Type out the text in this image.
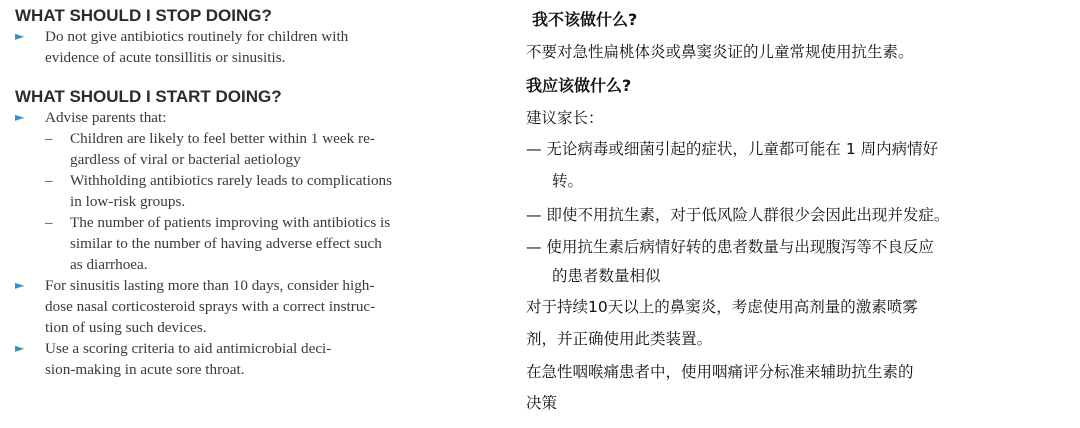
WHAT SHOULD I STOP DOING?
► Do not give antibiotics routinely for children with
evidence of acute tonsillitis or sinusitis.
WHAT SHOULD I START DOING?
► Advise parents that:
– Children are likely to feel better within 1 week re-
gardless of viral or bacterial aetiology
– Withholding antibiotics rarely leads to complications
in low-risk groups.
– The number of patients improving with antibiotics is
similar to the number of having adverse effect such
as diarrhoea.
► For sinusitis lasting more than 10 days, consider high-
dose nasal corticosteroid sprays with a correct instruc-
tion of using such devices.
► Use a scoring criteria to aid antimicrobial deci-
sion-making in acute sore throat.
我不该做什么?
不要对急性扁桃体炎或鼻窦炎证的儿童常规使用抗生素。
我应该做什么?
建议家长：
— 无论病毒或细菌引起的症状，儿童都可能在 1 周内病情好
转。
— 即使不用抗生素，对于低风险人群很少会因此出现并发症。
— 使用抗生素后病情好转的患者数量与出现腹泻等不良反应
的患者数量相似
对于持续10天以上的鼻窦炎，考虑使用高剂量的激素喷雾
剂，并正确使用此类装置。
在急性咽喉痛患者中，使用咽痛评分标准来辅助抗生素的
决策
